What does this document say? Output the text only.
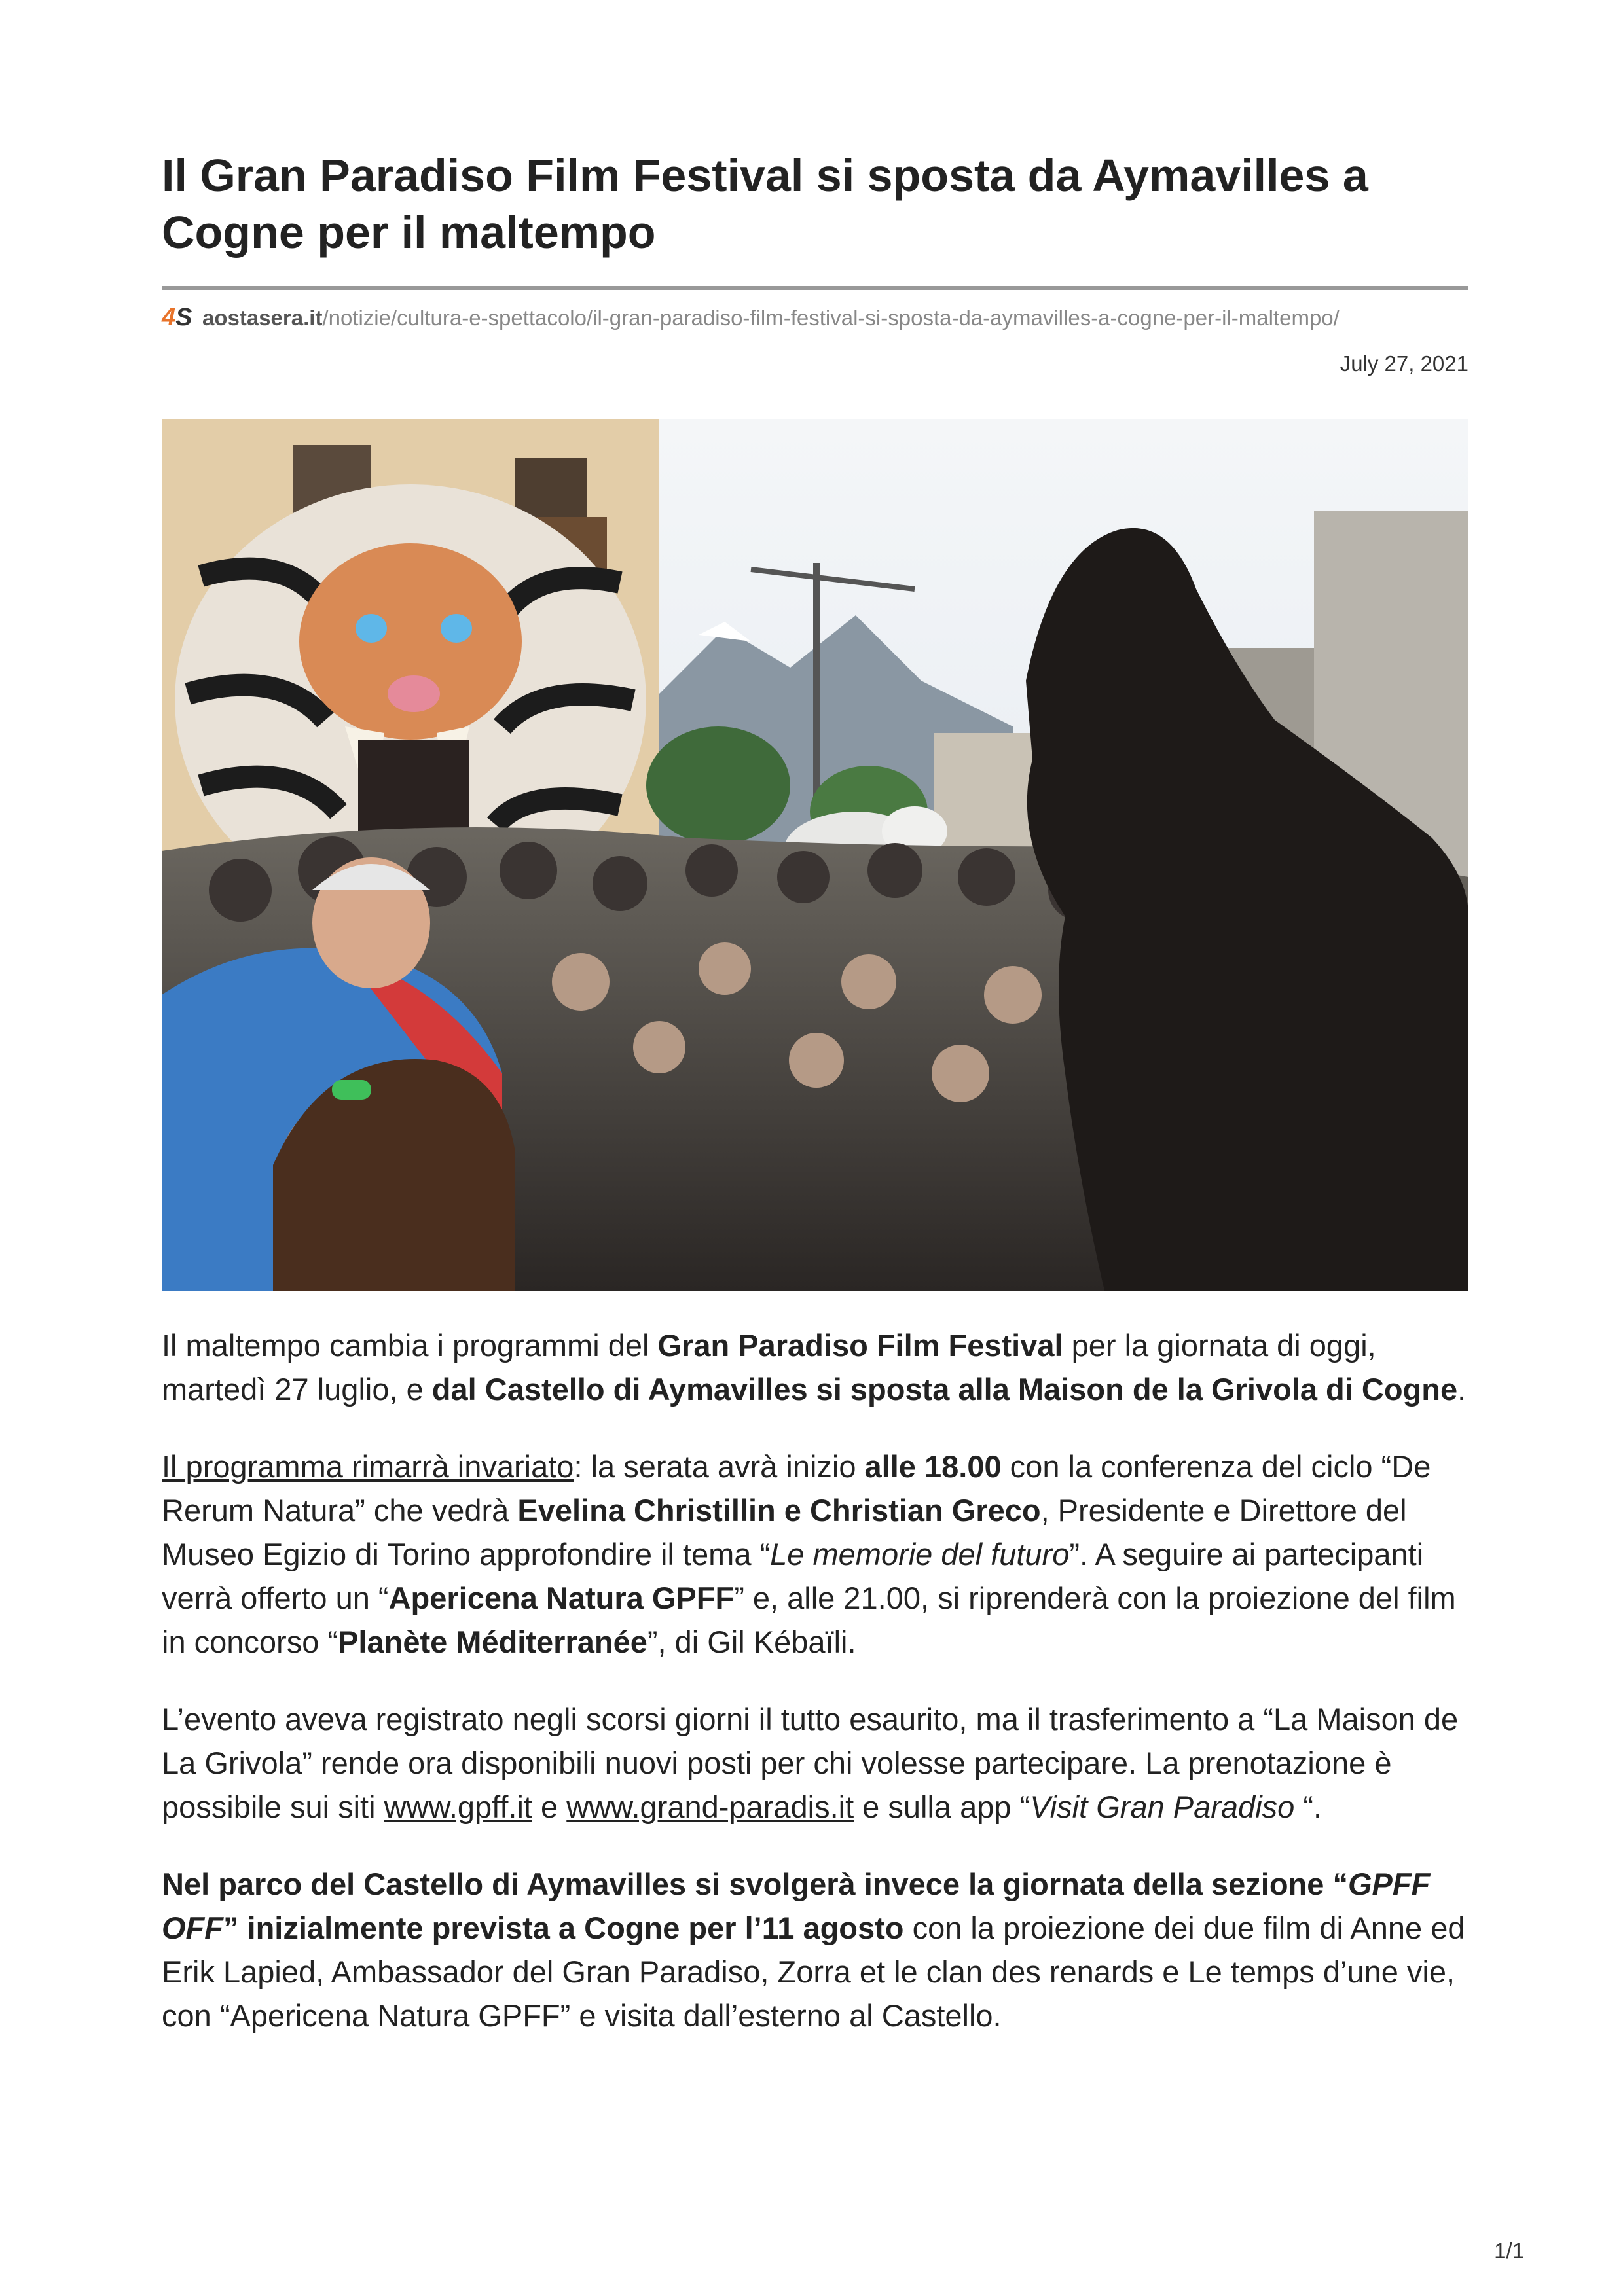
Il Gran Paradiso Film Festival si sposta da Aymavilles a Cogne per il maltempo
4S aostasera.it/notizie/cultura-e-spettacolo/il-gran-paradiso-film-festival-si-sposta-da-aymavilles-a-cogne-per-il-maltempo/
July 27, 2021

Il maltempo cambia i programmi del Gran Paradiso Film Festival per la giornata di oggi, martedì 27 luglio, e dal Castello di Aymavilles si sposta alla Maison de la Grivola di Cogne.

Il programma rimarrà invariato: la serata avrà inizio alle 18.00 con la conferenza del ciclo “De Rerum Natura” che vedrà Evelina Christillin e Christian Greco, Presidente e Direttore del Museo Egizio di Torino approfondire il tema “Le memorie del futuro”. A seguire ai partecipanti verrà offerto un “Apericena Natura GPFF” e, alle 21.00, si riprenderà con la proiezione del film in concorso “Planète Méditerranée”, di Gil Kébaïli.

L’evento aveva registrato negli scorsi giorni il tutto esaurito, ma il trasferimento a “La Maison de La Grivola” rende ora disponibili nuovi posti per chi volesse partecipare. La prenotazione è possibile sui siti www.gpff.it e www.grand-paradis.it e sulla app “Visit Gran Paradiso “.

Nel parco del Castello di Aymavilles si svolgerà invece la giornata della sezione “GPFF OFF” inizialmente prevista a Cogne per l’11 agosto con la proiezione dei due film di Anne ed Erik Lapied, Ambassador del Gran Paradiso, Zorra et le clan des renards e Le temps d’une vie, con “Apericena Natura GPFF” e visita dall’esterno al Castello.

1/1
